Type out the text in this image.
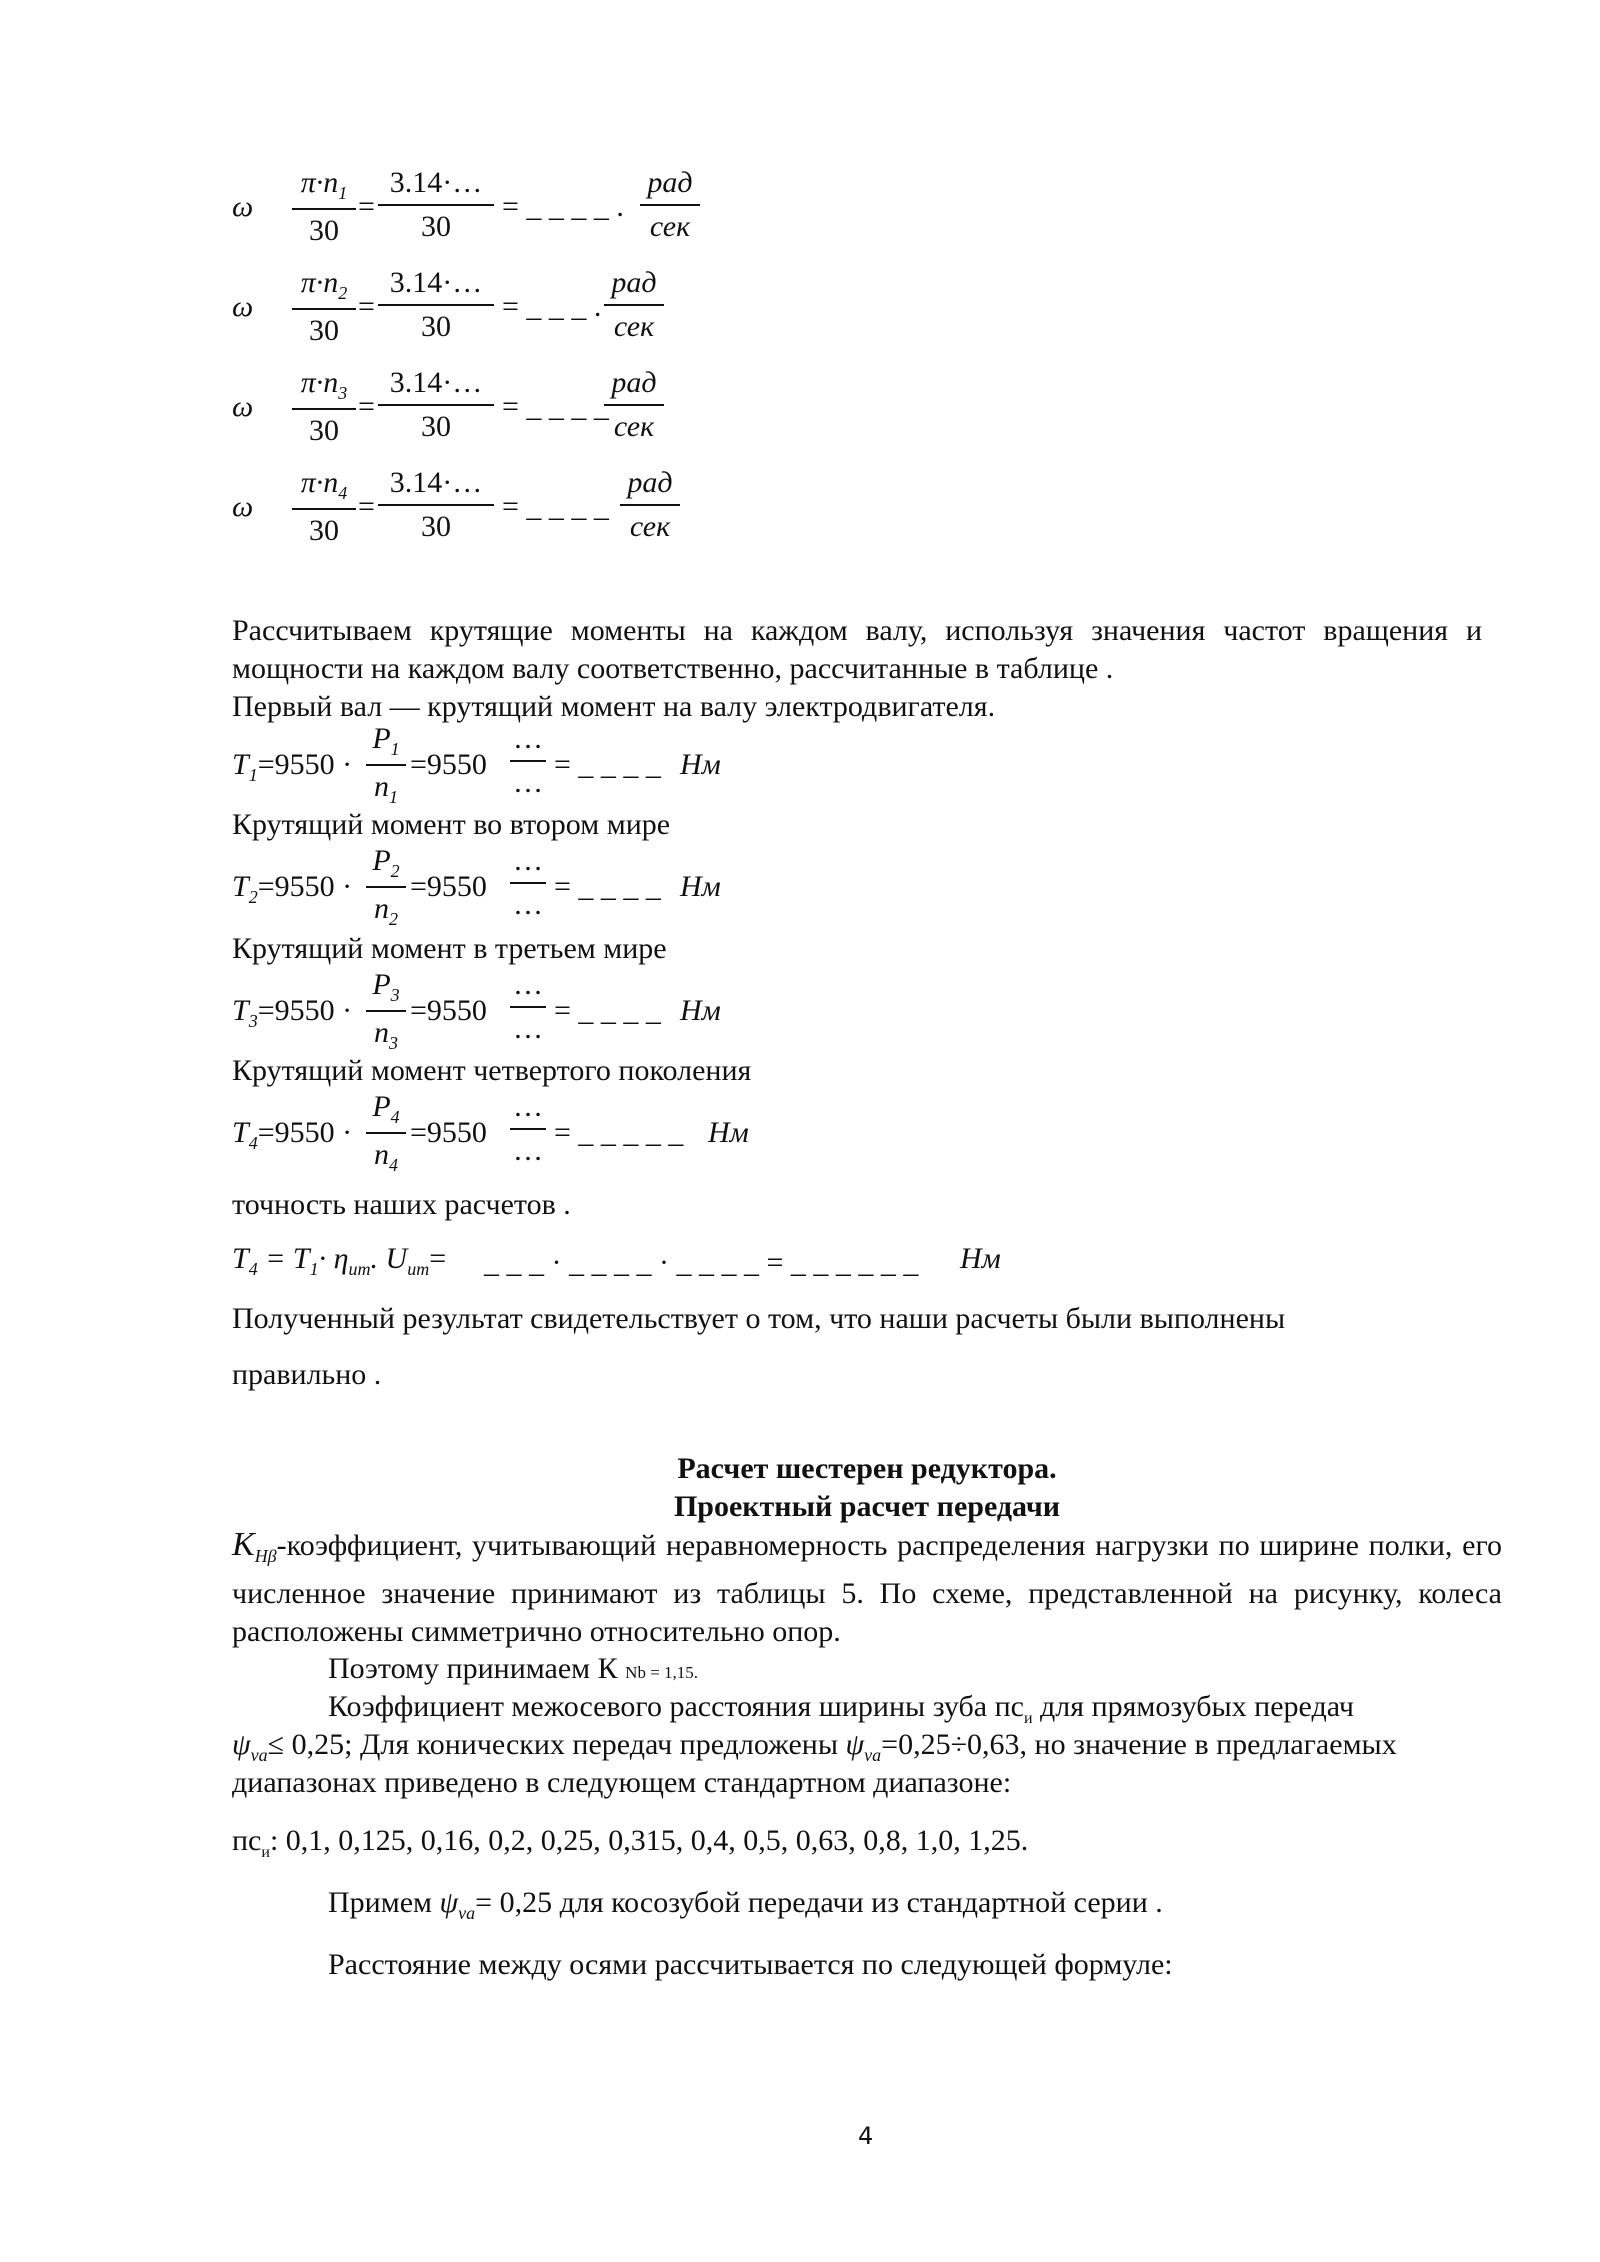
ω $\frac{\pi\cdot n_1}{30} = \frac{3.14\cdot\dots}{30}$ = _ _ _ _ .
рад
сек
ω $\frac{\pi\cdot n_2}{30} = \frac{3.14\cdot\dots}{30}$ = _ _ _ .
рад
сек
ω $\frac{\pi\cdot n_3}{30} = \frac{3.14\cdot\dots}{30}$ = _ _ _ _
рад
сек
ω $\frac{\pi\cdot n_4}{30} = \frac{3.14\cdot\dots}{30}$ = _ _ _ _
рад
сек
Рассчитываем крутящие моменты на каждом валу, используя значения частот вращения и мощности на каждом валу соответственно, рассчитанные в таблице .
Первый вал — крутящий момент на валу электродвигателя.
$T_1=9550 \cdot \frac{P_1}{n_1} =9550$
…
…
= _ _ _ _ Нм
Крутящий момент во втором мире
$T_2=9550 \cdot \frac{P_2}{n_2} =9550$
…
…
= _ _ _ _ Нм
Крутящий момент в третьем мире
$T_3=9550 \cdot \frac{P_3}{n_3} =9550$
…
…
= _ _ _ _ Нм
Крутящий момент четвертого поколения
$T_4=9550 \cdot \frac{P_4}{n_4} =9550$
…
…
= _ _ _ _ _ Нм
точность наших расчетов .
$T_4 = T_1\cdot \eta_{ит}$. $U_{ит}=$ _ _ _ · _ _ _ _ · _ _ _ _ = _ _ _ _ _ _ Нм
Полученный результат свидетельствует о том, что наши расчеты были выполнены
правильно .
Расчет шестерен редуктора.
Проектный расчет передачи
$K_{H\beta}$-коэффициент, учитывающий неравномерность распределения нагрузки по ширине полки, его численное значение принимают из таблицы 5. По схеме, представленной на рисунку, колеса расположены симметрично относительно опор.
Поэтому принимаем К Nb = 1,15.
Коэффициент межосевого расстояния ширины зуба $пс_и$ для прямозубых передач
$\psi_{va}\le 0,25$; Для конических передач предложены $\psi_{va}=0,25\div 0,63$, но значение в предлагаемых
диапазонах приведено в следующем стандартном диапазоне:
$пс_и$: 0,1, 0,125, 0,16, 0,2, 0,25, 0,315, 0,4, 0,5, 0,63, 0,8, 1,0, 1,25.
Примем $\psi_{va}= 0,25$ для косозубой передачи из стандартной серии .
Расстояние между осями рассчитывается по следующей формуле:
4
